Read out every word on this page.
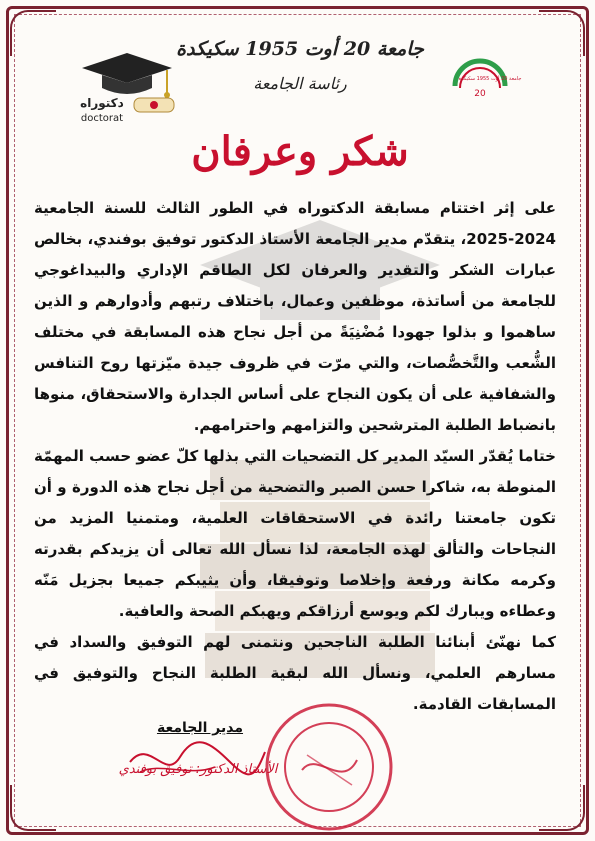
جامعة 20 أوت 1955 سكيكدة
رئاسة الجامعة
شكر وعرفان
دكتوراه
doctorat
20
جامعة 20 أوت 1955 سكيكدة

على إثر اختتام مسابقة الدكتوراه في الطور الثالث للسنة الجامعية 2024-2025، يتقدّم مدير الجامعة الأستاذ الدكتور توفيق بوفندي، بخالص عبارات الشكر والتقدير والعرفان لكل الطاقم الإداري والبيداغوجي للجامعة من أساتذة، موظفين وعمال، باختلاف رتبهم وأدوارهم و الذين ساهموا و بذلوا جهودا مُضْنِيَةً من أجل نجاح هذه المسابقة في مختلف الشُّعب والتَّخصُّصات، والتي مرّت في ظروف جيدة ميّزتها روح التنافس والشفافية على أن يكون النجاح على أساس الجدارة والاستحقاق، منوها بانضباط الطلبة المترشحين والتزامهم واحترامهم.

ختاما يُقدّر السيّد المدير كل التضحيات التي بذلها كلّ عضو حسب المهمّة المنوطة به، شاكرا حسن الصبر والتضحية من أجل نجاح هذه الدورة و أن تكون جامعتنا رائدة في الاستحقاقات العلمية، ومتمنيا المزيد من النجاحات والتألق لهذه الجامعة، لذا نسأل الله تعالى أن يزيدكم بقدرته وكرمه مكانة ورفعة وإخلاصا وتوفيقا، وأن يثيبكم جميعا بجزيل مَنّه وعطاءه ويبارك لكم ويوسع أرزاقكم ويهبكم الصحة والعافية.

كما نهنّئ أبنائنا الطلبة الناجحين ونتمنى لهم التوفيق والسداد في مسارهم العلمي، ونسأل الله لبقية الطلبة النجاح والتوفيق في المسابقات القادمة.

مدير الجامعة
الأستاذ الدكتور: توفيق بوفندي
